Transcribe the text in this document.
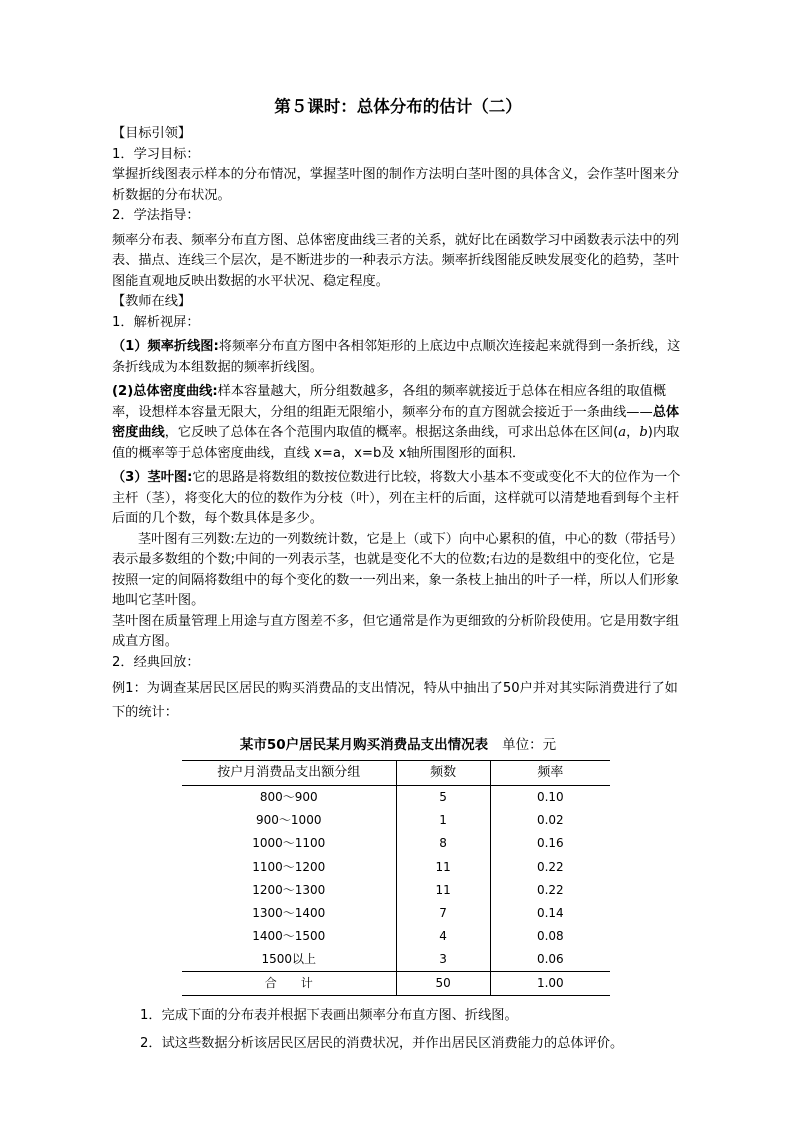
第５课时：总体分布的估计（二）

【目标引领】

1．学习目标：

掌握折线图表示样本的分布情况，掌握茎叶图的制作方法明白茎叶图的具体含义，会作茎叶图来分析数据的分布状况。

2．学法指导：

频率分布表、频率分布直方图、总体密度曲线三者的关系，就好比在函数学习中函数表示法中的列表、描点、连线三个层次，是不断进步的一种表示方法。频率折线图能反映发展变化的趋势，茎叶图能直观地反映出数据的水平状况、稳定程度。

【教师在线】

1．解析视屏：

（1）频率折线图:将频率分布直方图中各相邻矩形的上底边中点顺次连接起来就得到一条折线，这条折线成为本组数据的频率折线图。

(2)总体密度曲线:样本容量越大，所分组数越多，各组的频率就接近于总体在相应各组的取值概率，设想样本容量无限大，分组的组距无限缩小，频率分布的直方图就会接近于一条曲线——总体密度曲线，它反映了总体在各个范围内取值的概率。根据这条曲线，可求出总体在区间(a，b)内取值的概率等于总体密度曲线，直线 x=a，x=b及 x轴所围图形的面积．

（3）茎叶图:它的思路是将数组的数按位数进行比较，将数大小基本不变或变化不大的位作为一个主杆（茎），将变化大的位的数作为分枝（叶），列在主杆的后面，这样就可以清楚地看到每个主杆后面的几个数，每个数具体是多少。

茎叶图有三列数:左边的一列数统计数，它是上（或下）向中心累积的值，中心的数（带括号）表示最多数组的个数;中间的一列表示茎，也就是变化不大的位数;右边的是数组中的变化位，它是按照一定的间隔将数组中的每个变化的数一一列出来，象一条枝上抽出的叶子一样，所以人们形象地叫它茎叶图。

茎叶图在质量管理上用途与直方图差不多，但它通常是作为更细致的分析阶段使用。它是用数字组成直方图。

2．经典回放：

例1：为调查某居民区居民的购买消费品的支出情况，特从中抽出了50户并对其实际消费进行了如下的统计：

某市50户居民某月购买消费品支出情况表 单位：元
按户月消费品支出额分组	频数	频率
800～900	5	0.10
900～1000	1	0.02
1000～1100	8	0.16
1100～1200	11	0.22
1200～1300	11	0.22
1300～1400	7	0.14
1400～1500	4	0.08
1500以上	3	0.06
合　　计	50	1.00

1．完成下面的分布表并根据下表画出频率分布直方图、折线图。

2．试这些数据分析该居民区居民的消费状况，并作出居民区消费能力的总体评价。
